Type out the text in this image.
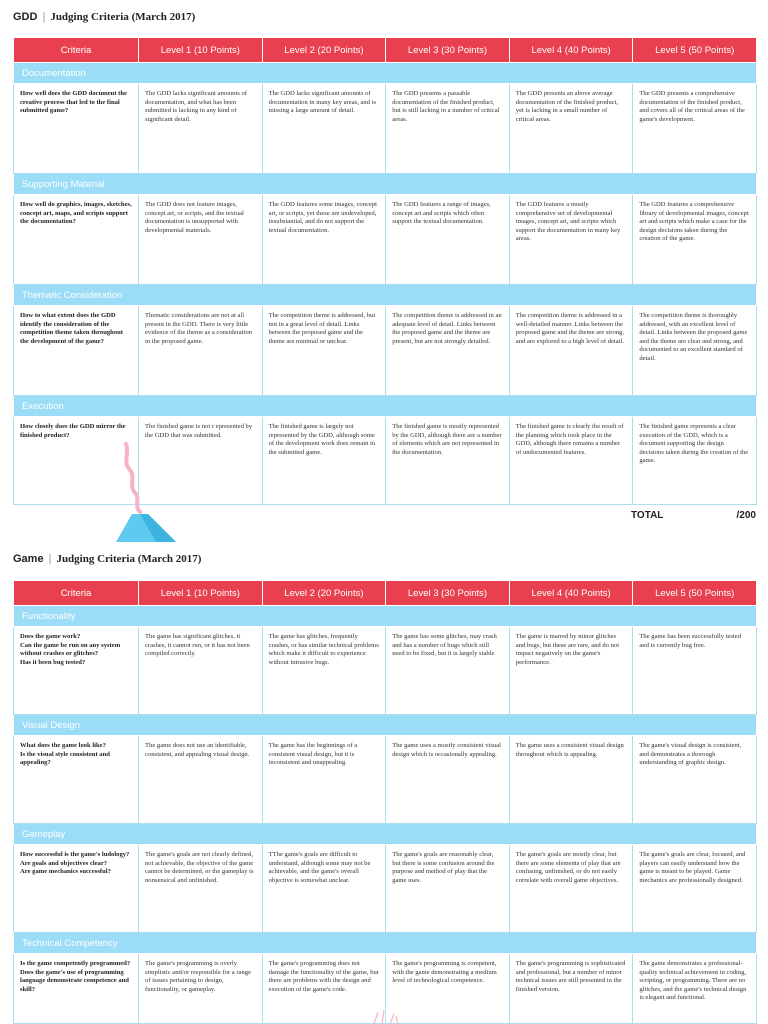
GDD | Judging Criteria (March 2017)
Criteria	Level 1 (10 Points)	Level 2 (20 Points)	Level 3 (30 Points)	Level 4 (40 Points)	Level 5 (50 Points)
Documentation					
How well does the GDD document the creative process that led to the final submitted game?	The GDD lacks significant amounts of documentation, and what has been submitted is lacking in any kind of significant detail.	The GDD lacks significant amounts of documentation in many key areas, and is missing a large amount of detail.	The GDD presents a passable documentation of the finished product, but is still lacking in a number of critical areas.	The GDD presents an above average documentation of the finished product, yet is lacking in a small number of critical areas.	The GDD presents a comprehensive documentation of the finished product, and covers all of the critical areas of the game's development.
Supporting Material					
How well do graphics, images, sketches, concept art, maps, and scripts support the documentation?	The GDD does not feature images, concept art, or scripts, and the textual documentation is unsupported with developmental materials.	The GDD features some images, concept art, or scripts, yet these are undeveloped, insubstantial, and do not support the textual documentation.	The GDD features a range of images, concept art and scripts which often support the textual documentation.	The GDD features a mostly comprehensive set of developmental images, concept art, and scripts which support the documentation in many key areas.	The GDD features a comprehensive library of developmental images, concept art and scripts which make a case for the design decisions taken during the creation of the game.
Thematic Consideration					
How to what extent does the GDD identify the consideration of the competition theme taken throughout the development of the game?	Thematic considerations are not at all present in the GDD. There is very little evidence of the theme as a consideration in the proposed game.	The competition theme is addressed, but not in a great level of detail. Links between the proposed game and the theme are minimal or unclear.	The competition theme is addressed in an adequate level of detail. Links between the proposed game and the theme are present, but are not strongly detailed.	The competition theme is addressed in a well-detailed manner. Links between the proposed game and the theme are strong, and are explored to a high level of detail.	The competition theme is thoroughly addressed, with an excellent level of detail. Links between the proposed game and the theme are clear and strong, and documented to an excellent standard of detail.
Execution					
How closely does the GDD mirror the finished product?	The finished game is not r epresented by the GDD that was submitted.	The finished game is largely not represented by the GDD, although some of the development work does remain in the submitted game.	The finished game is mostly represented by the GDD, although there are a number of elements which are not represented in the documentation.	The finished game is clearly the result of the planning which took place in the GDD, although there remains a number of undocumented features.	The finished game represents a clear execution of the GDD, which is a document supporting the design decisions taken during the creation of the game.
TOTAL	/200
Game | Judging Criteria (March 2017)
Criteria	Level 1 (10 Points)	Level 2 (20 Points)	Level 3 (30 Points)	Level 4 (40 Points)	Level 5 (50 Points)
Functionality					
Does the game work?
Can the game be run on any system without crashes or glitches?
Has it been bug tested?	The game has significant glitches, it crashes, it cannot run, or it has not been compiled correctly.	The game has glitches, frequently crashes, or has similar technical problems which make it difficult to experience without intrusive bugs.	The game has some glitches, may crash and has a number of bugs which still need to be fixed, but it is largely stable	The game is marred by minor glitches and bugs, but these are rare, and do not impact negatively on the game's performance.	The game has been successfully tested and is currently bug free.
Visual Design					
What does the game look like?
Is the visual style consistent and appealing?	The game does not use an identifiable, consistent, and appealing visual design.	The game has the beginnings of a consistent visual design, but it is inconsistent and unappealing.	The game uses a mostly consistent visual design which is occasionally appealing.	The game uses a consistent visual design throughout which is appealing.	The game's visual design is consistent, and demonstrates a thorough understanding of graphic design.
Gameplay					
How successful is the game's ludology?
Are goals and objectives clear?
Are game mechanics successful?	The game's goals are not clearly defined, not achievable, the objective of the game cannot be determined, or the gameplay is nonsensical and unfinished.	TThe game's goals are difficult to understand, although some may not be achievable, and the game's overall objective is somewhat unclear.	The game's goals are reasonably clear, but there is some confusion around the purpose and method of play that the game uses.	The game's goals are mostly clear, but there are some elements of play that are confusing, unfinished, or do not easily correlate with overall game objectives.	The game's goals are clear, focused, and players can easily understand how the game is meant to be played. Game mechanics are professionally designed.
Technical Competency					
Is the game competently programmed?
Does the game's use of programming language demonstrate competence and skill?	The game's programming is overly simplistic and/or responsible for a range of issues pertaining to design, functionality, or gameplay.	The game's programming does not damage the functionality of the game, but there are problems with the design and execution of the game's code.	The game's programming is competent, with the game demonstrating a medium level of technological competence.	The game's programming is sophisticated and professional, but a number of minor technical issues are still presented in the finished version.	The game demonstrates a professional-quality technical achievement in coding, scripting, or programming. There are no glitches, and the game's technical design is elegant and functional.
